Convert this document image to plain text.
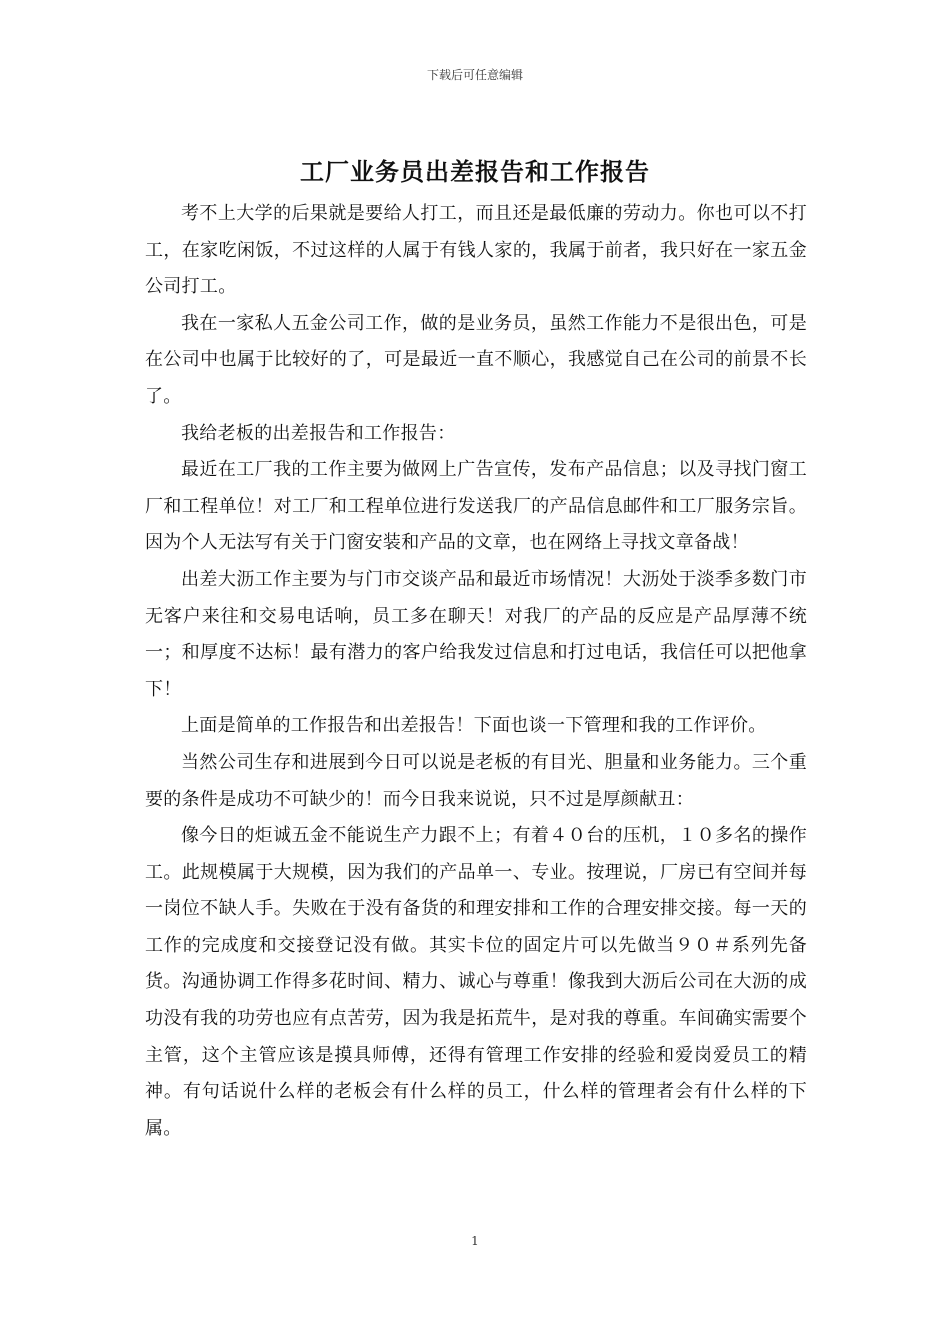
下载后可任意编辑
工厂业务员出差报告和工作报告

考不上大学的后果就是要给人打工，而且还是最低廉的劳动力。你也可以不打工，在家吃闲饭，不过这样的人属于有钱人家的，我属于前者，我只好在一家五金公司打工。

我在一家私人五金公司工作，做的是业务员，虽然工作能力不是很出色，可是在公司中也属于比较好的了，可是最近一直不顺心，我感觉自己在公司的前景不长了。

我给老板的出差报告和工作报告：

最近在工厂我的工作主要为做网上广告宣传，发布产品信息；以及寻找门窗工厂和工程单位！对工厂和工程单位进行发送我厂的产品信息邮件和工厂服务宗旨。因为个人无法写有关于门窗安装和产品的文章，也在网络上寻找文章备战！

出差大沥工作主要为与门市交谈产品和最近市场情况！大沥处于淡季多数门市无客户来往和交易电话响，员工多在聊天！对我厂的产品的反应是产品厚薄不统一；和厚度不达标！最有潜力的客户给我发过信息和打过电话，我信任可以把他拿下！

上面是简单的工作报告和出差报告！下面也谈一下管理和我的工作评价。

当然公司生存和进展到今日可以说是老板的有目光、胆量和业务能力。三个重要的条件是成功不可缺少的！而今日我来说说，只不过是厚颜献丑：

像今日的炬诚五金不能说生产力跟不上；有着４０台的压机，１０多名的操作工。此规模属于大规模，因为我们的产品单一、专业。按理说，厂房已有空间并每一岗位不缺人手。失败在于没有备货的和理安排和工作的合理安排交接。每一天的工作的完成度和交接登记没有做。其实卡位的固定片可以先做当９０＃系列先备货。沟通协调工作得多花时间、精力、诚心与尊重！像我到大沥后公司在大沥的成功没有我的功劳也应有点苦劳，因为我是拓荒牛，是对我的尊重。车间确实需要个主管，这个主管应该是摸具师傅，还得有管理工作安排的经验和爱岗爱员工的精神。有句话说什么样的老板会有什么样的员工，什么样的管理者会有什么样的下属。

1
